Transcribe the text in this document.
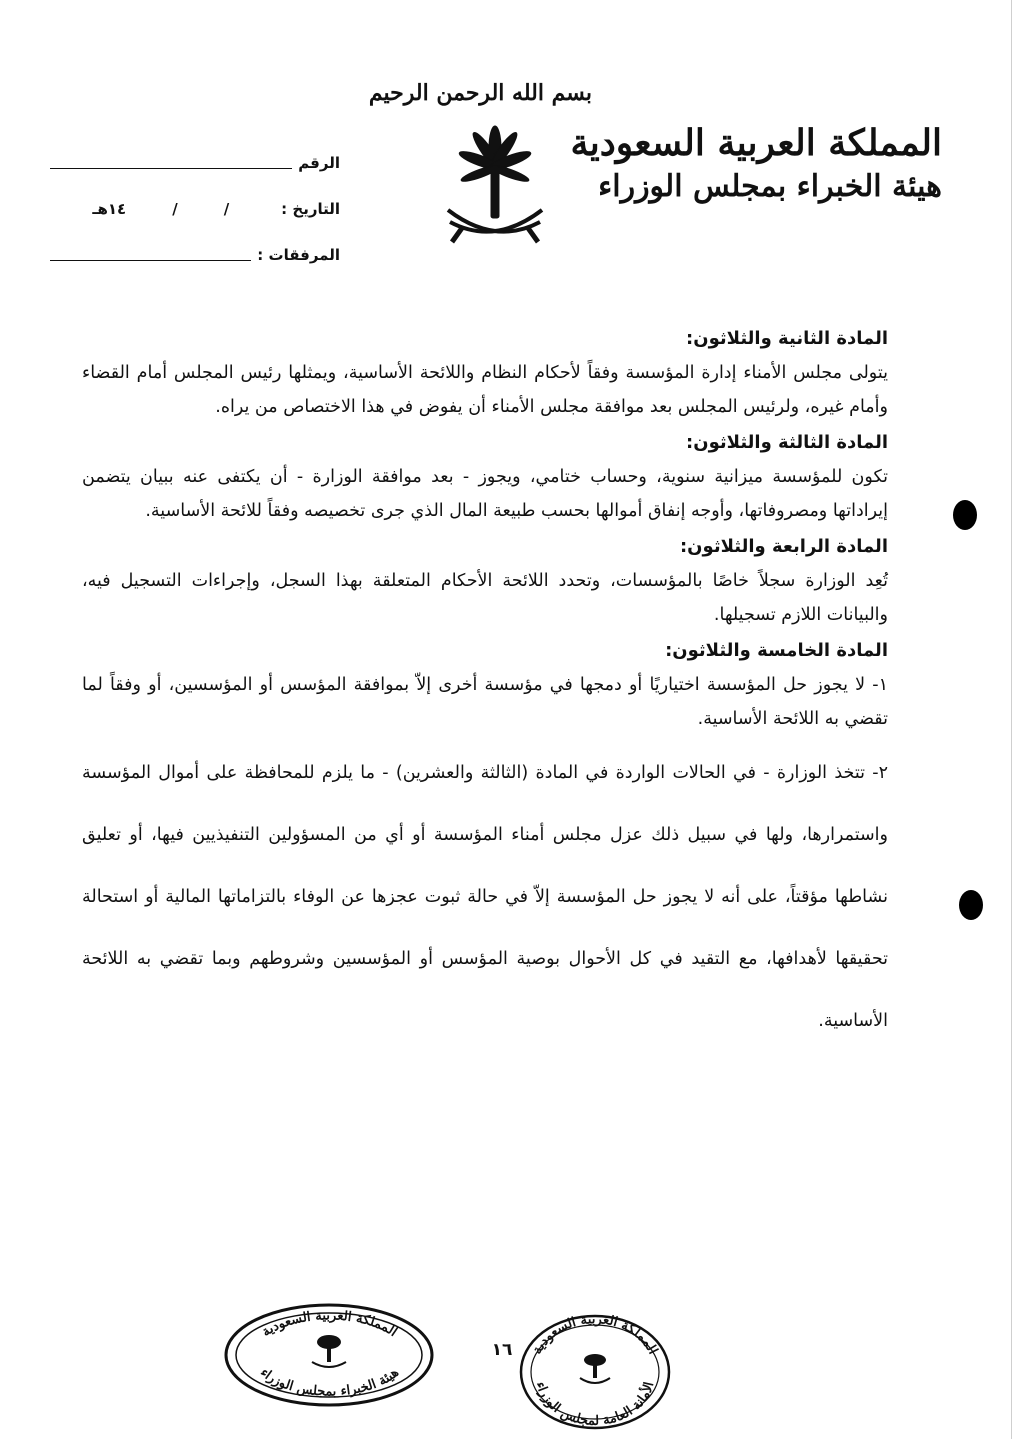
بسم الله الرحمن الرحيم
المملكة العربية السعودية
هيئة الخبراء بمجلس الوزراء
الرقم
التاريخ :
/
/
١٤هـ
المرفقات :
المادة الثانية والثلاثون:
يتولى مجلس الأمناء إدارة المؤسسة وفقاً لأحكام النظام واللائحة الأساسية، ويمثلها رئيس المجلس أمام القضاء وأمام غيره، ولرئيس المجلس بعد موافقة مجلس الأمناء أن يفوض في هذا الاختصاص من يراه.
المادة الثالثة والثلاثون:
تكون للمؤسسة ميزانية سنوية، وحساب ختامي، ويجوز - بعد موافقة الوزارة - أن يكتفى عنه ببيان يتضمن إيراداتها ومصروفاتها، وأوجه إنفاق أموالها بحسب طبيعة المال الذي جرى تخصيصه وفقاً للائحة الأساسية.
المادة الرابعة والثلاثون:
تُعِد الوزارة سجلاً خاصًا بالمؤسسات، وتحدد اللائحة الأحكام المتعلقة بهذا السجل، وإجراءات التسجيل فيه، والبيانات اللازم تسجيلها.
المادة الخامسة والثلاثون:
١- لا يجوز حل المؤسسة اختياريًا أو دمجها في مؤسسة أخرى إلاّ بموافقة المؤسس أو المؤسسين، أو وفقاً لما تقضي به اللائحة الأساسية.
٢- تتخذ الوزارة - في الحالات الواردة في المادة (الثالثة والعشرين) - ما يلزم للمحافظة على أموال المؤسسة واستمرارها، ولها في سبيل ذلك عزل مجلس أمناء المؤسسة أو أي من المسؤولين التنفيذيين فيها، أو تعليق نشاطها مؤقتاً، على أنه لا يجوز حل المؤسسة إلاّ في حالة ثبوت عجزها عن الوفاء بالتزاماتها المالية أو استحالة تحقيقها لأهدافها، مع التقيد في كل الأحوال بوصية المؤسس أو المؤسسين وشروطهم وبما تقضي به اللائحة الأساسية.
المملكة العربية السعودية
هيئة الخبراء بمجلس الوزراء
المملكة العربية السعودية
الأمانة العامة لمجلس الوزراء
١٦
